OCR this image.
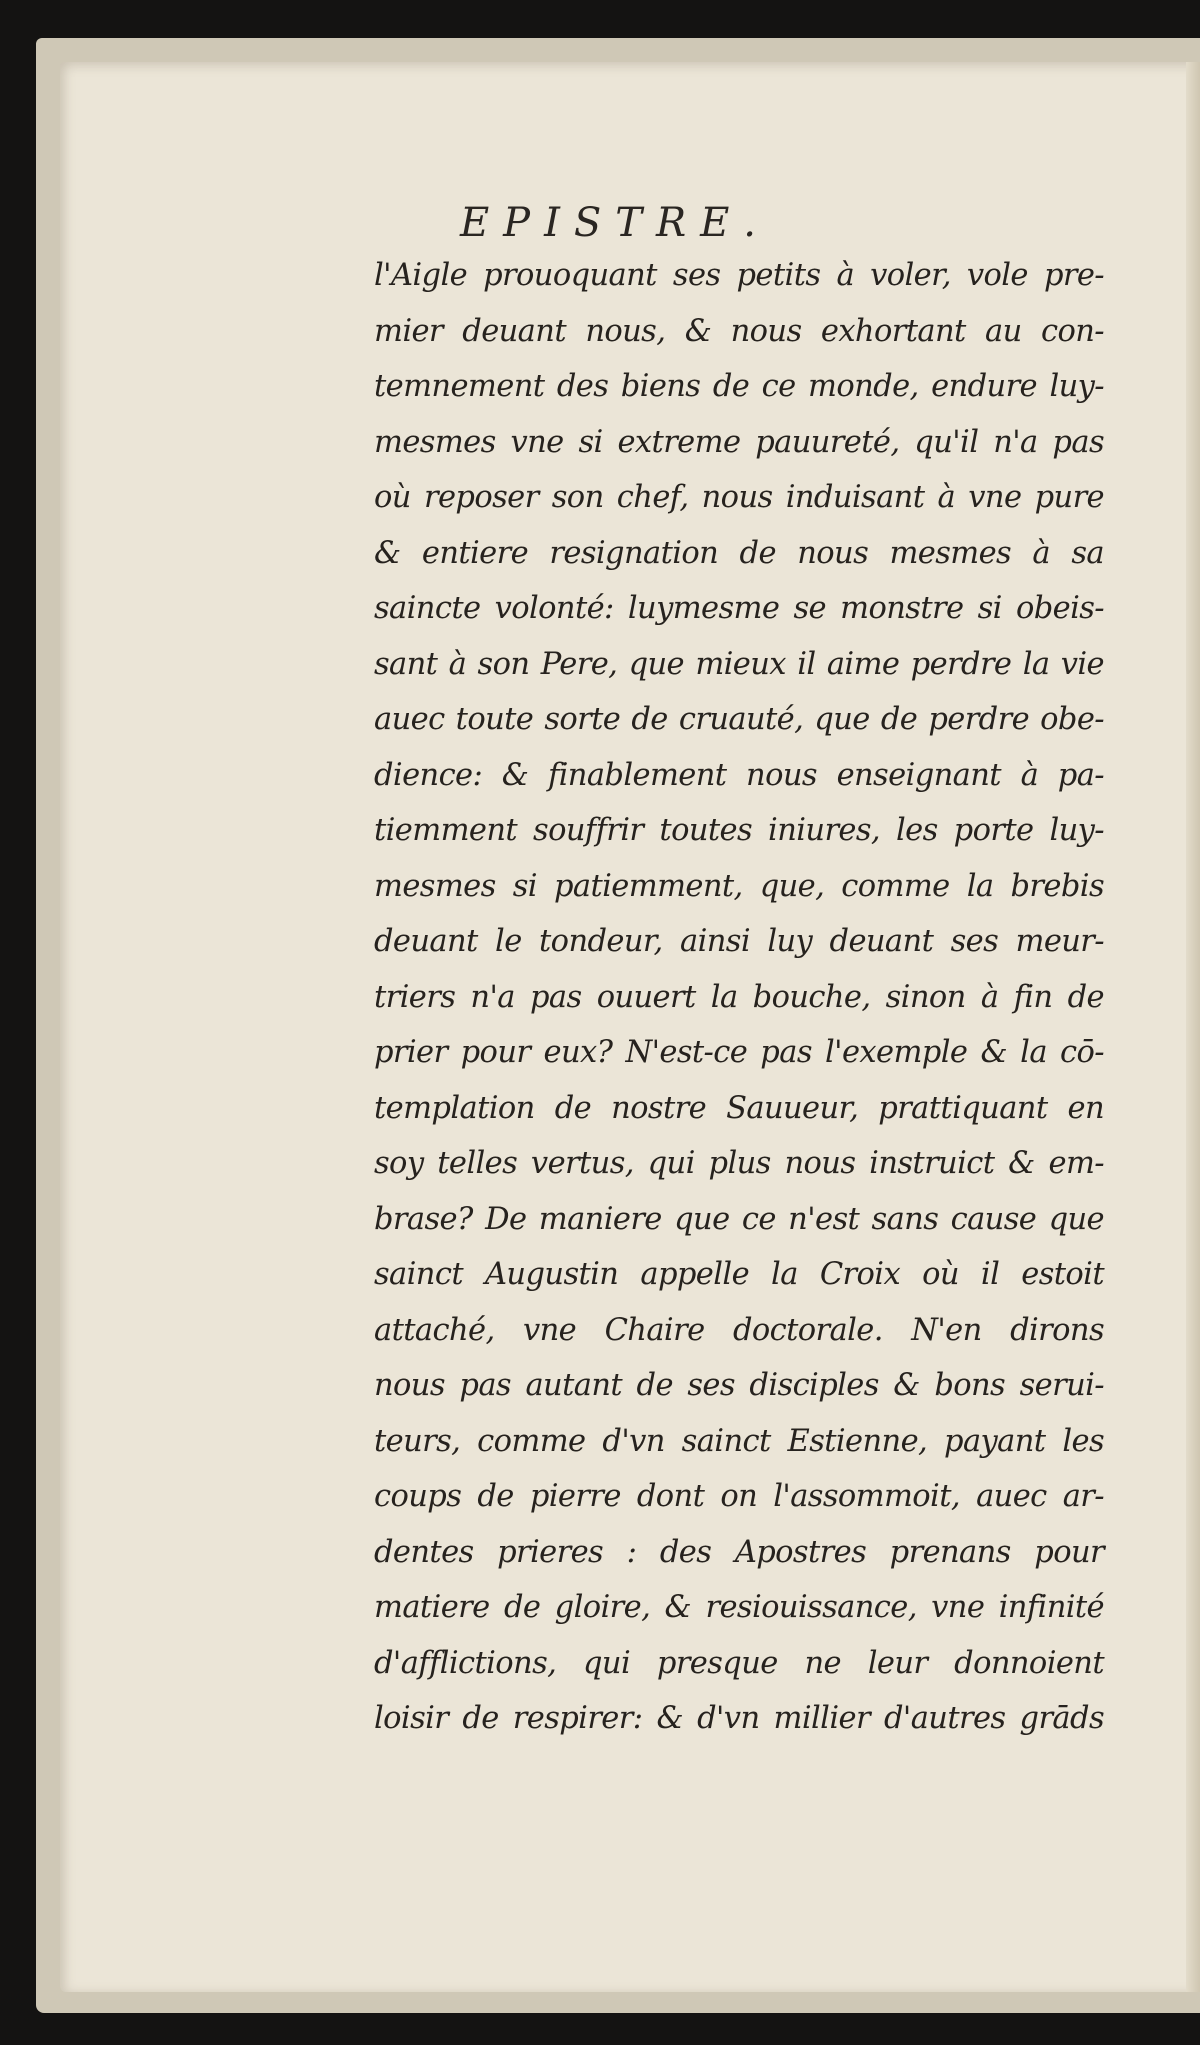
EPISTRE.
l'Aigle prouoquant ses petits à voler, vole pre-
mier deuant nous, & nous exhortant au con-
temnement des biens de ce monde, endure luy-
mesmes vne si extreme pauureté, qu'il n'a pas
où reposer son chef, nous induisant à vne pure
& entiere resignation de nous mesmes à sa
saincte volonté: luymesme se monstre si obeis-
sant à son Pere, que mieux il aime perdre la vie
auec toute sorte de cruauté, que de perdre obe-
dience: & finablement nous enseignant à pa-
tiemment souffrir toutes iniures, les porte luy-
mesmes si patiemment, que, comme la brebis
deuant le tondeur, ainsi luy deuant ses meur-
triers n'a pas ouuert la bouche, sinon à fin de
prier pour eux? N'est-ce pas l'exemple & la cō-
templation de nostre Sauueur, prattiquant en
soy telles vertus, qui plus nous instruict & em-
brase? De maniere que ce n'est sans cause que
sainct Augustin appelle la Croix où il estoit
attaché, vne Chaire doctorale. N'en dirons
nous pas autant de ses disciples & bons serui-
teurs, comme d'vn sainct Estienne, payant les
coups de pierre dont on l'assommoit, auec ar-
dentes prieres : des Apostres prenans pour
matiere de gloire, & resiouissance, vne infinité
d'afflictions, qui presque ne leur donnoient
loisir de respirer: & d'vn millier d'autres grāds
